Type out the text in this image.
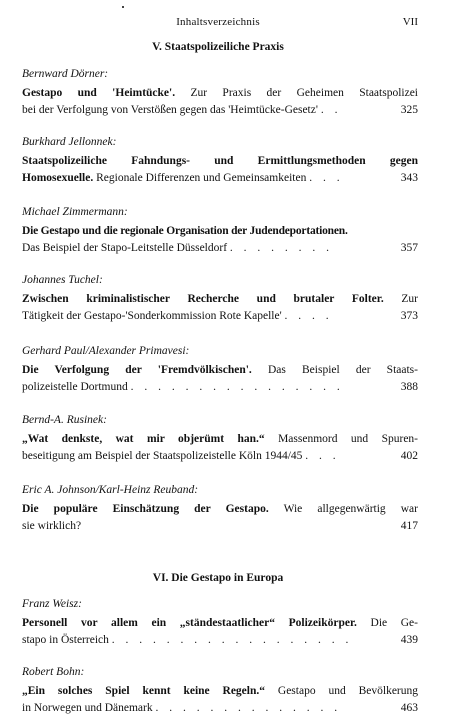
Inhaltsverzeichnis	VII
V. Staatspolizeiliche Praxis
Bernward Dörner:
Gestapo und 'Heimtücke'. Zur Praxis der Geheimen Staatspolizei
bei der Verfolgung von Verstößen gegen das 'Heimtücke-Gesetz' . .	325
Burkhard Jellonnek:
Staatspolizeiliche Fahndungs- und Ermittlungsmethoden gegen
Homosexuelle. Regionale Differenzen und Gemeinsamkeiten . . .	343
Michael Zimmermann:
Die Gestapo und die regionale Organisation der Judendeportationen.
Das Beispiel der Stapo-Leitstelle Düsseldorf . . . . . . . .	357
Johannes Tuchel:
Zwischen kriminalistischer Recherche und brutaler Folter. Zur
Tätigkeit der Gestapo-'Sonderkommission Rote Kapelle' . . . .	373
Gerhard Paul/Alexander Primavesi:
Die Verfolgung der 'Fremdvölkischen'. Das Beispiel der Staats-
polizeistelle Dortmund . . . . . . . . . . . . . . . .	388
Bernd-A. Rusinek:
„Wat denkste, wat mir objerümt han.“ Massenmord und Spuren-
beseitigung am Beispiel der Staatspolizeistelle Köln 1944/45 . . .	402
Eric A. Johnson/Karl-Heinz Reuband:
Die populäre Einschätzung der Gestapo. Wie allgegenwärtig war
sie wirklich?	417
VI. Die Gestapo in Europa
Franz Weisz:
Personell vor allem ein „ständestaatlicher“ Polizeikörper. Die Ge-
stapo in Österreich . . . . . . . . . . . . . . . . . .	439
Robert Bohn:
„Ein solches Spiel kennt keine Regeln.“ Gestapo und Bevölkerung
in Norwegen und Dänemark . . . . . . . . . . . . . .	463
